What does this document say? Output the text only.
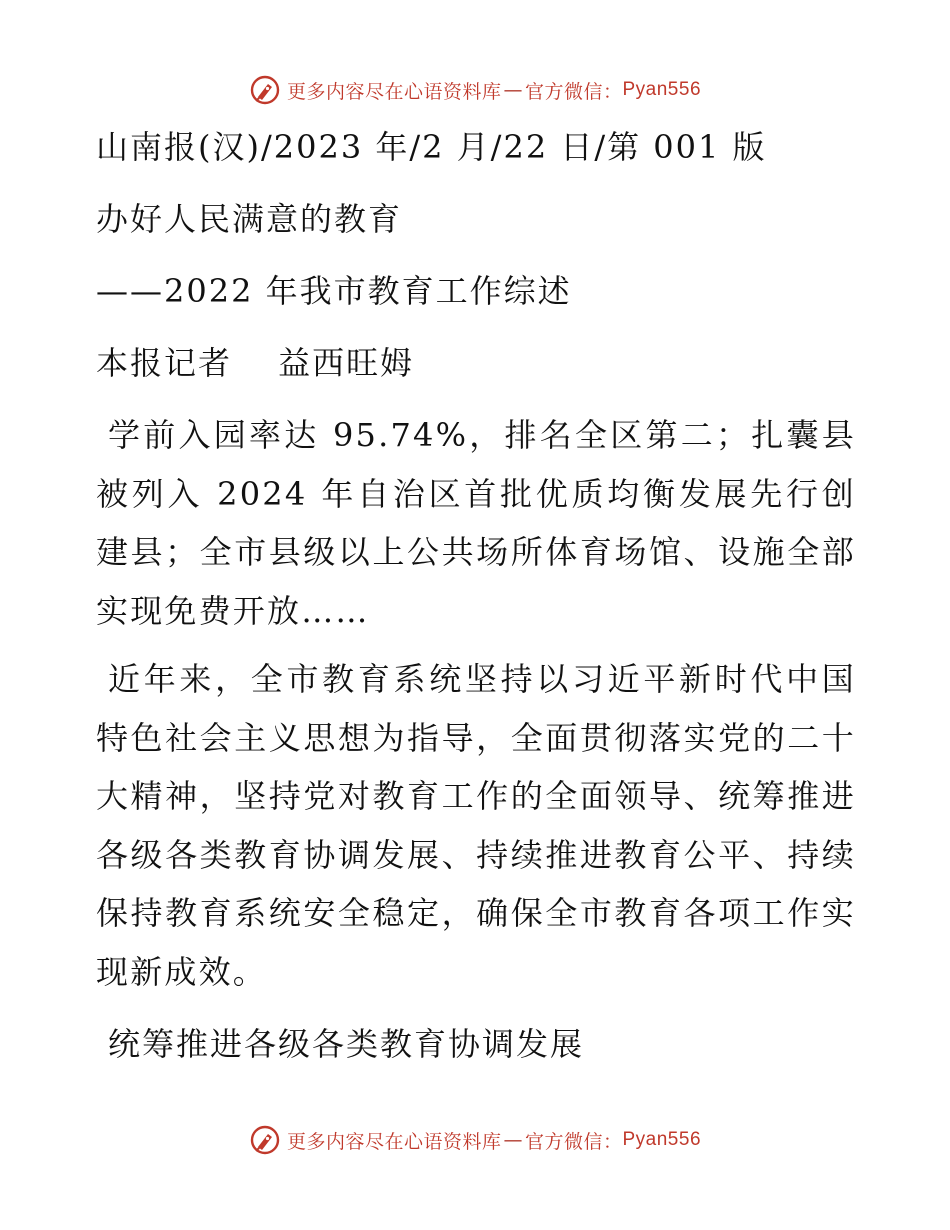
更多内容尽在心语资料库 — 官方微信： Pyan556

山南报(汉)/2023 年/2 月/22 日/第 001 版

办好人民满意的教育

——2022 年我市教育工作综述

本报记者　 益西旺姆

学前入园率达 95.74%，排名全区第二；扎囊县被列入 2024 年自治区首批优质均衡发展先行创建县；全市县级以上公共场所体育场馆、设施全部实现免费开放……

近年来，全市教育系统坚持以习近平新时代中国特色社会主义思想为指导，全面贯彻落实党的二十大精神，坚持党对教育工作的全面领导、统筹推进各级各类教育协调发展、持续推进教育公平、持续保持教育系统安全稳定，确保全市教育各项工作实现新成效。

统筹推进各级各类教育协调发展

更多内容尽在心语资料库 — 官方微信： Pyan556
